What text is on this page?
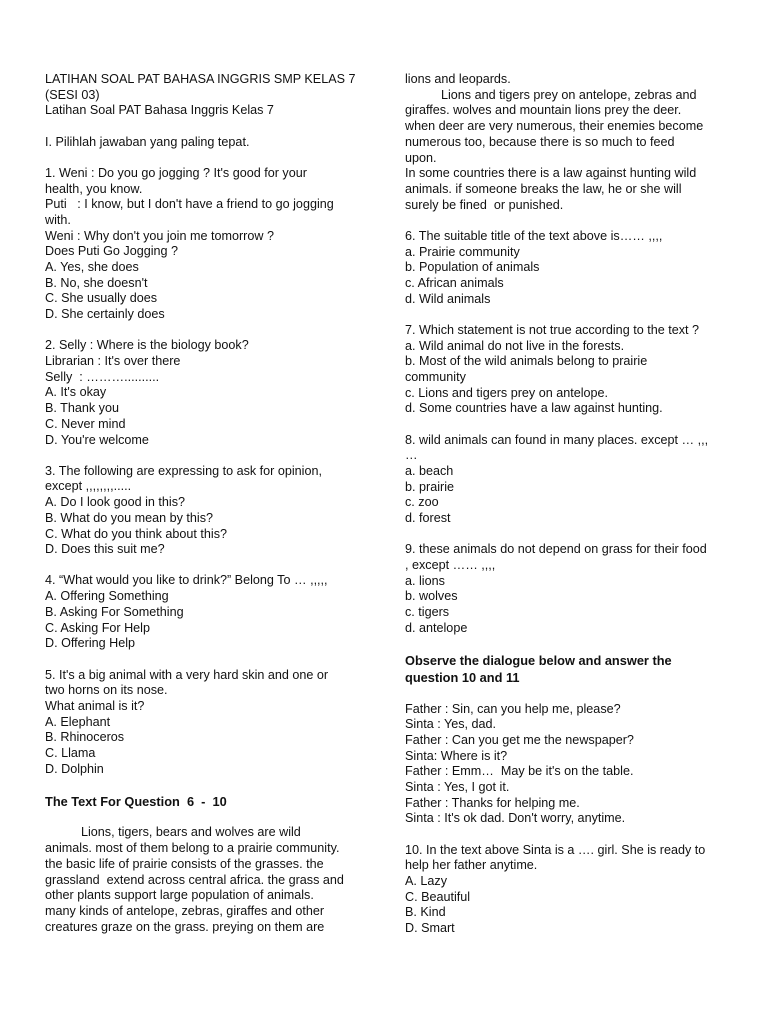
LATIHAN SOAL PAT BAHASA INGGRIS SMP KELAS 7
(SESI 03)
Latihan Soal PAT Bahasa Inggris Kelas 7
I. Pilihlah jawaban yang paling tepat.
1. Weni : Do you go jogging ? It's good for your
health, you know.
Puti   : I know, but I don't have a friend to go jogging
with.
Weni : Why don't you join me tomorrow ?
Does Puti Go Jogging ?
A. Yes, she does
B. No, she doesn't
C. She usually does
D. She certainly does
2. Selly : Where is the biology book?
Librarian : It's over there
Selly  : ………..........
A. It's okay
B. Thank you
C. Never mind
D. You're welcome
3. The following are expressing to ask for opinion,
except ,,,,,,,,.....
A. Do I look good in this?
B. What do you mean by this?
C. What do you think about this?
D. Does this suit me?
4. “What would you like to drink?” Belong To … ,,,,,
A. Offering Something
B. Asking For Something
C. Asking For Help
D. Offering Help
5. It's a big animal with a very hard skin and one or
two horns on its nose.
What animal is it?
A. Elephant
B. Rhinoceros
C. Llama
D. Dolphin
The Text For Question  6  -  10
Lions, tigers, bears and wolves are wild
animals. most of them belong to a prairie community.
the basic life of prairie consists of the grasses. the
grassland  extend across central africa. the grass and
other plants support large population of animals.
many kinds of antelope, zebras, giraffes and other
creatures graze on the grass. preying on them are
lions and leopards.
Lions and tigers prey on antelope, zebras and
giraffes. wolves and mountain lions prey the deer.
when deer are very numerous, their enemies become
numerous too, because there is so much to feed
upon.
In some countries there is a law against hunting wild
animals. if someone breaks the law, he or she will
surely be fined  or punished.
6. The suitable title of the text above is…… ,,,,
a. Prairie community
b. Population of animals
c. African animals
d. Wild animals
7. Which statement is not true according to the text ?
a. Wild animal do not live in the forests.
b. Most of the wild animals belong to prairie
community
c. Lions and tigers prey on antelope.
d. Some countries have a law against hunting.
8. wild animals can found in many places. except … ,,,
…
a. beach
b. prairie
c. zoo
d. forest
9. these animals do not depend on grass for their food
, except …… ,,,,
a. lions
b. wolves
c. tigers
d. antelope
Observe the dialogue below and answer the
question 10 and 11
Father : Sin, can you help me, please?
Sinta : Yes, dad.
Father : Can you get me the newspaper?
Sinta: Where is it?
Father : Emm…  May be it's on the table.
Sinta : Yes, I got it.
Father : Thanks for helping me.
Sinta : It's ok dad. Don't worry, anytime.
10. In the text above Sinta is a …. girl. She is ready to
help her father anytime.
A. Lazy
C. Beautiful
B. Kind
D. Smart
